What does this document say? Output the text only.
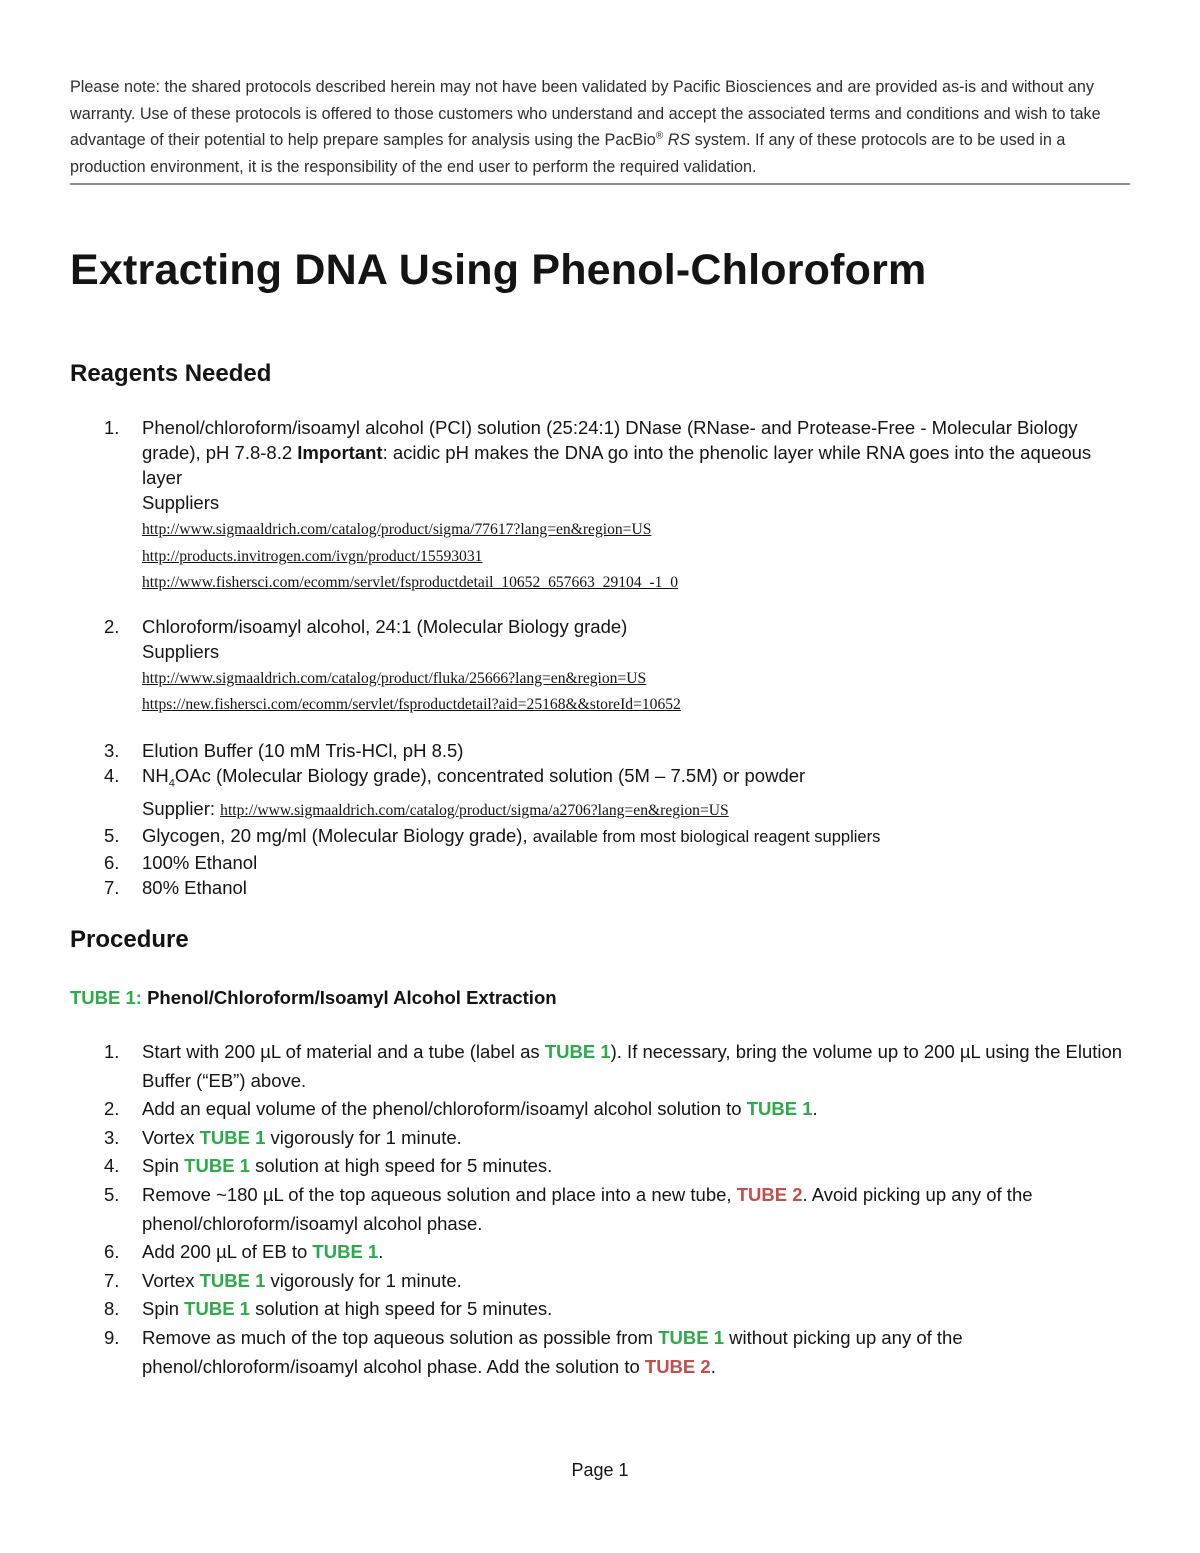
Please note: the shared protocols described herein may not have been validated by Pacific Biosciences and are provided as-is and without any warranty. Use of these protocols is offered to those customers who understand and accept the associated terms and conditions and wish to take advantage of their potential to help prepare samples for analysis using the PacBio® RS system. If any of these protocols are to be used in a production environment, it is the responsibility of the end user to perform the required validation.
Extracting DNA Using Phenol-Chloroform
Reagents Needed
1. Phenol/chloroform/isoamyl alcohol (PCI) solution (25:24:1) DNase (RNase- and Protease-Free - Molecular Biology grade), pH 7.8-8.2 Important: acidic pH makes the DNA go into the phenolic layer while RNA goes into the aqueous layer
Suppliers
http://www.sigmaaldrich.com/catalog/product/sigma/77617?lang=en&region=US
http://products.invitrogen.com/ivgn/product/15593031
http://www.fishersci.com/ecomm/servlet/fsproductdetail_10652_657663_29104_-1_0
2. Chloroform/isoamyl alcohol, 24:1 (Molecular Biology grade)
Suppliers
http://www.sigmaaldrich.com/catalog/product/fluka/25666?lang=en&region=US
https://new.fishersci.com/ecomm/servlet/fsproductdetail?aid=25168&&storeId=10652
3. Elution Buffer (10 mM Tris-HCl, pH 8.5)
4. $NH_4OAc$ (Molecular Biology grade), concentrated solution (5M – 7.5M) or powder
Supplier: http://www.sigmaaldrich.com/catalog/product/sigma/a2706?lang=en&region=US
5. Glycogen, 20 mg/ml (Molecular Biology grade), available from most biological reagent suppliers
6. 100% Ethanol
7. 80% Ethanol
Procedure
TUBE 1: Phenol/Chloroform/Isoamyl Alcohol Extraction
1. Start with 200 µL of material and a tube (label as TUBE 1). If necessary, bring the volume up to 200 µL using the Elution Buffer (“EB”) above.
2. Add an equal volume of the phenol/chloroform/isoamyl alcohol solution to TUBE 1.
3. Vortex TUBE 1 vigorously for 1 minute.
4. Spin TUBE 1 solution at high speed for 5 minutes.
5. Remove ~180 µL of the top aqueous solution and place into a new tube, TUBE 2. Avoid picking up any of the phenol/chloroform/isoamyl alcohol phase.
6. Add 200 µL of EB to TUBE 1.
7. Vortex TUBE 1 vigorously for 1 minute.
8. Spin TUBE 1 solution at high speed for 5 minutes.
9. Remove as much of the top aqueous solution as possible from TUBE 1 without picking up any of the phenol/chloroform/isoamyl alcohol phase. Add the solution to TUBE 2.
Page 1
